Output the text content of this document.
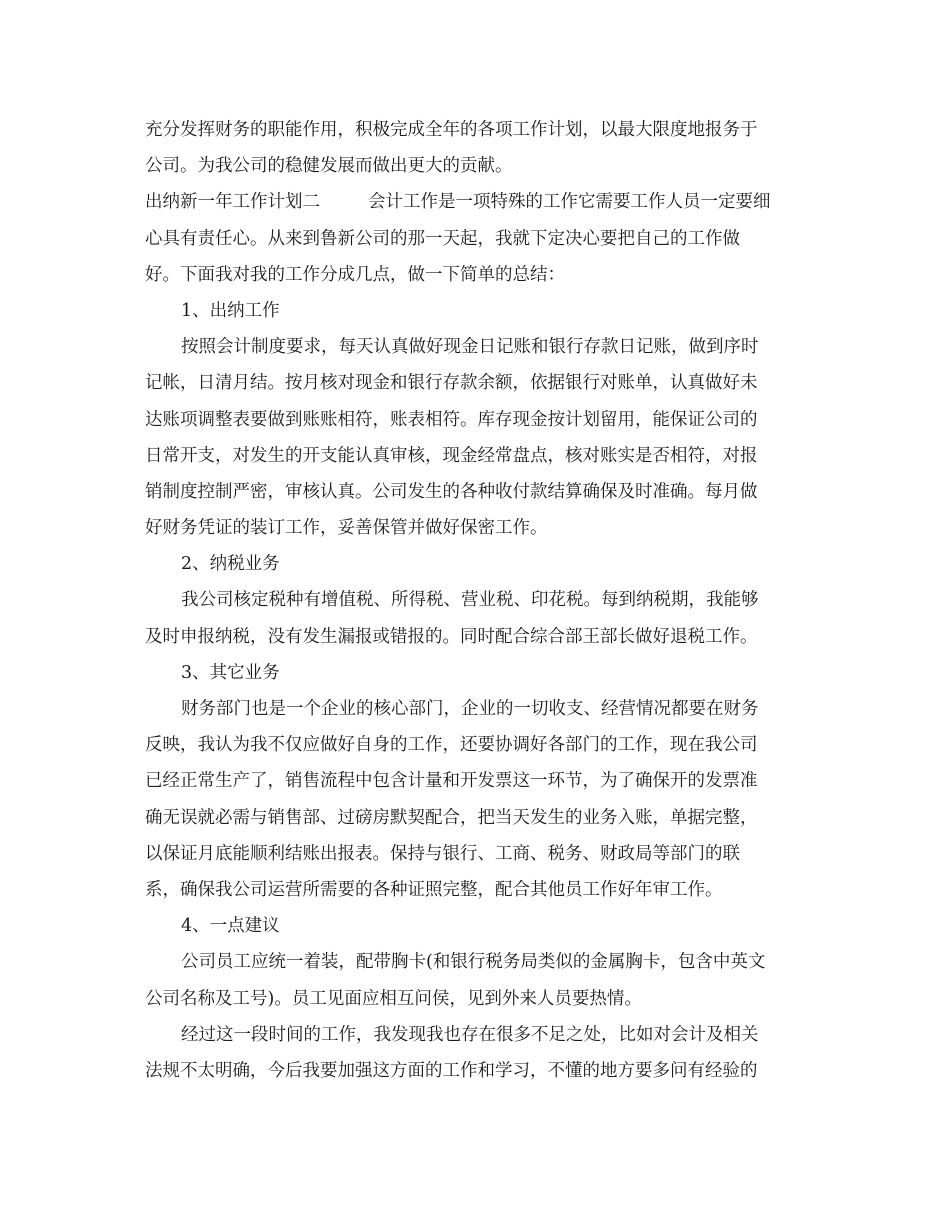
充分发挥财务的职能作用，积极完成全年的各项工作计划，以最大限度地报务于
公司。为我公司的稳健发展而做出更大的贡献。
出纳新一年工作计划二	会计工作是一项特殊的工作它需要工作人员一定要细
心具有责任心。从来到鲁新公司的那一天起，我就下定决心要把自己的工作做
好。下面我对我的工作分成几点，做一下简单的总结：
1、出纳工作
按照会计制度要求，每天认真做好现金日记账和银行存款日记账，做到序时
记帐，日清月结。按月核对现金和银行存款余额，依据银行对账单，认真做好未
达账项调整表要做到账账相符，账表相符。库存现金按计划留用，能保证公司的
日常开支，对发生的开支能认真审核，现金经常盘点，核对账实是否相符，对报
销制度控制严密，审核认真。公司发生的各种收付款结算确保及时准确。每月做
好财务凭证的装订工作，妥善保管并做好保密工作。
2、纳税业务
我公司核定税种有增值税、所得税、营业税、印花税。每到纳税期，我能够
及时申报纳税，没有发生漏报或错报的。同时配合综合部王部长做好退税工作。
3、其它业务
财务部门也是一个企业的核心部门，企业的一切收支、经营情况都要在财务
反映，我认为我不仅应做好自身的工作，还要协调好各部门的工作，现在我公司
已经正常生产了，销售流程中包含计量和开发票这一环节，为了确保开的发票准
确无误就必需与销售部、过磅房默契配合，把当天发生的业务入账，单据完整，
以保证月底能顺利结账出报表。保持与银行、工商、税务、财政局等部门的联
系，确保我公司运营所需要的各种证照完整，配合其他员工作好年审工作。
4、一点建议
公司员工应统一着装，配带胸卡(和银行税务局类似的金属胸卡，包含中英文
公司名称及工号)。员工见面应相互问侯，见到外来人员要热情。
经过这一段时间的工作，我发现我也存在很多不足之处，比如对会计及相关
法规不太明确，今后我要加强这方面的工作和学习，不懂的地方要多问有经验的
